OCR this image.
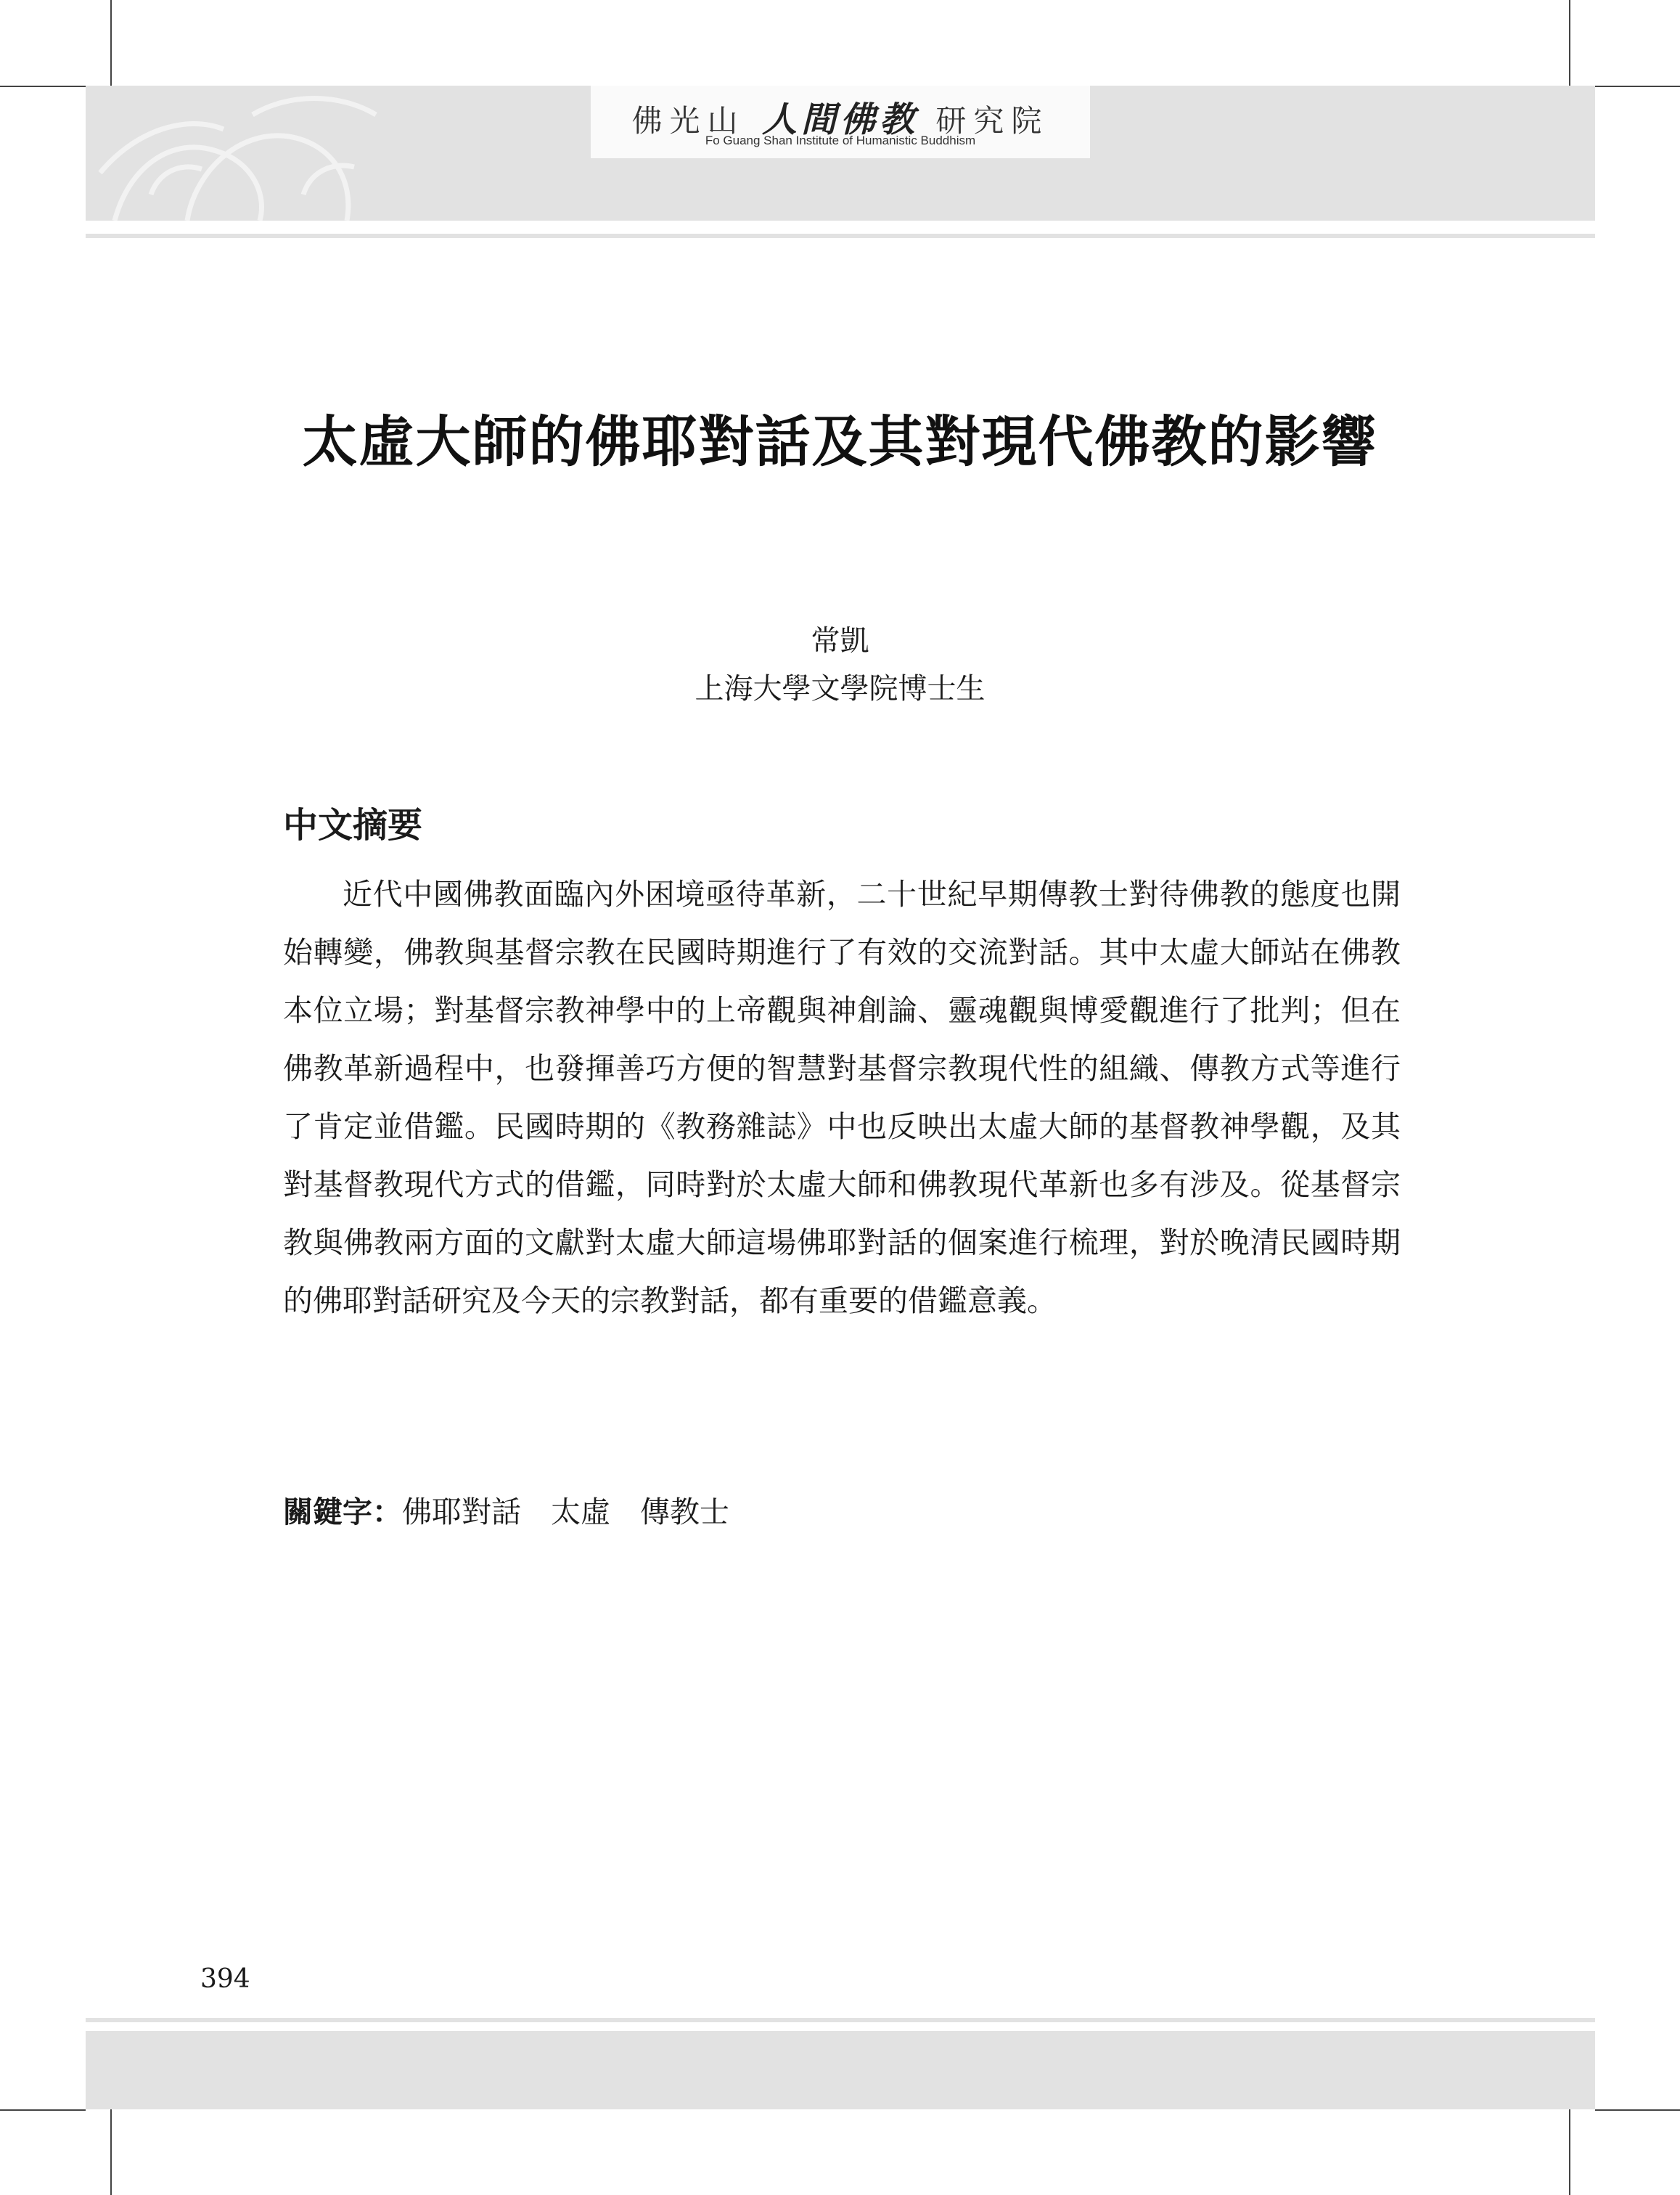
佛光山 人間佛教 研究院
Fo Guang Shan Institute of Humanistic Buddhism
太虛大師的佛耶對話及其對現代佛教的影響
常凱
上海大學文學院博士生
中文摘要

近代中國佛教面臨內外困境亟待革新，二十世紀早期傳教士對待佛教的態度也開始轉變，佛教與基督宗教在民國時期進行了有效的交流對話。其中太虛大師站在佛教本位立場；對基督宗教神學中的上帝觀與神創論、靈魂觀與博愛觀進行了批判；但在佛教革新過程中，也發揮善巧方便的智慧對基督宗教現代性的組織、傳教方式等進行了肯定並借鑑。民國時期的《教務雜誌》中也反映出太虛大師的基督教神學觀，及其對基督教現代方式的借鑑，同時對於太虛大師和佛教現代革新也多有涉及。從基督宗教與佛教兩方面的文獻對太虛大師這場佛耶對話的個案進行梳理，對於晚清民國時期的佛耶對話研究及今天的宗教對話，都有重要的借鑑意義。

關鍵字：佛耶對話　 太虛　 傳教士
394
